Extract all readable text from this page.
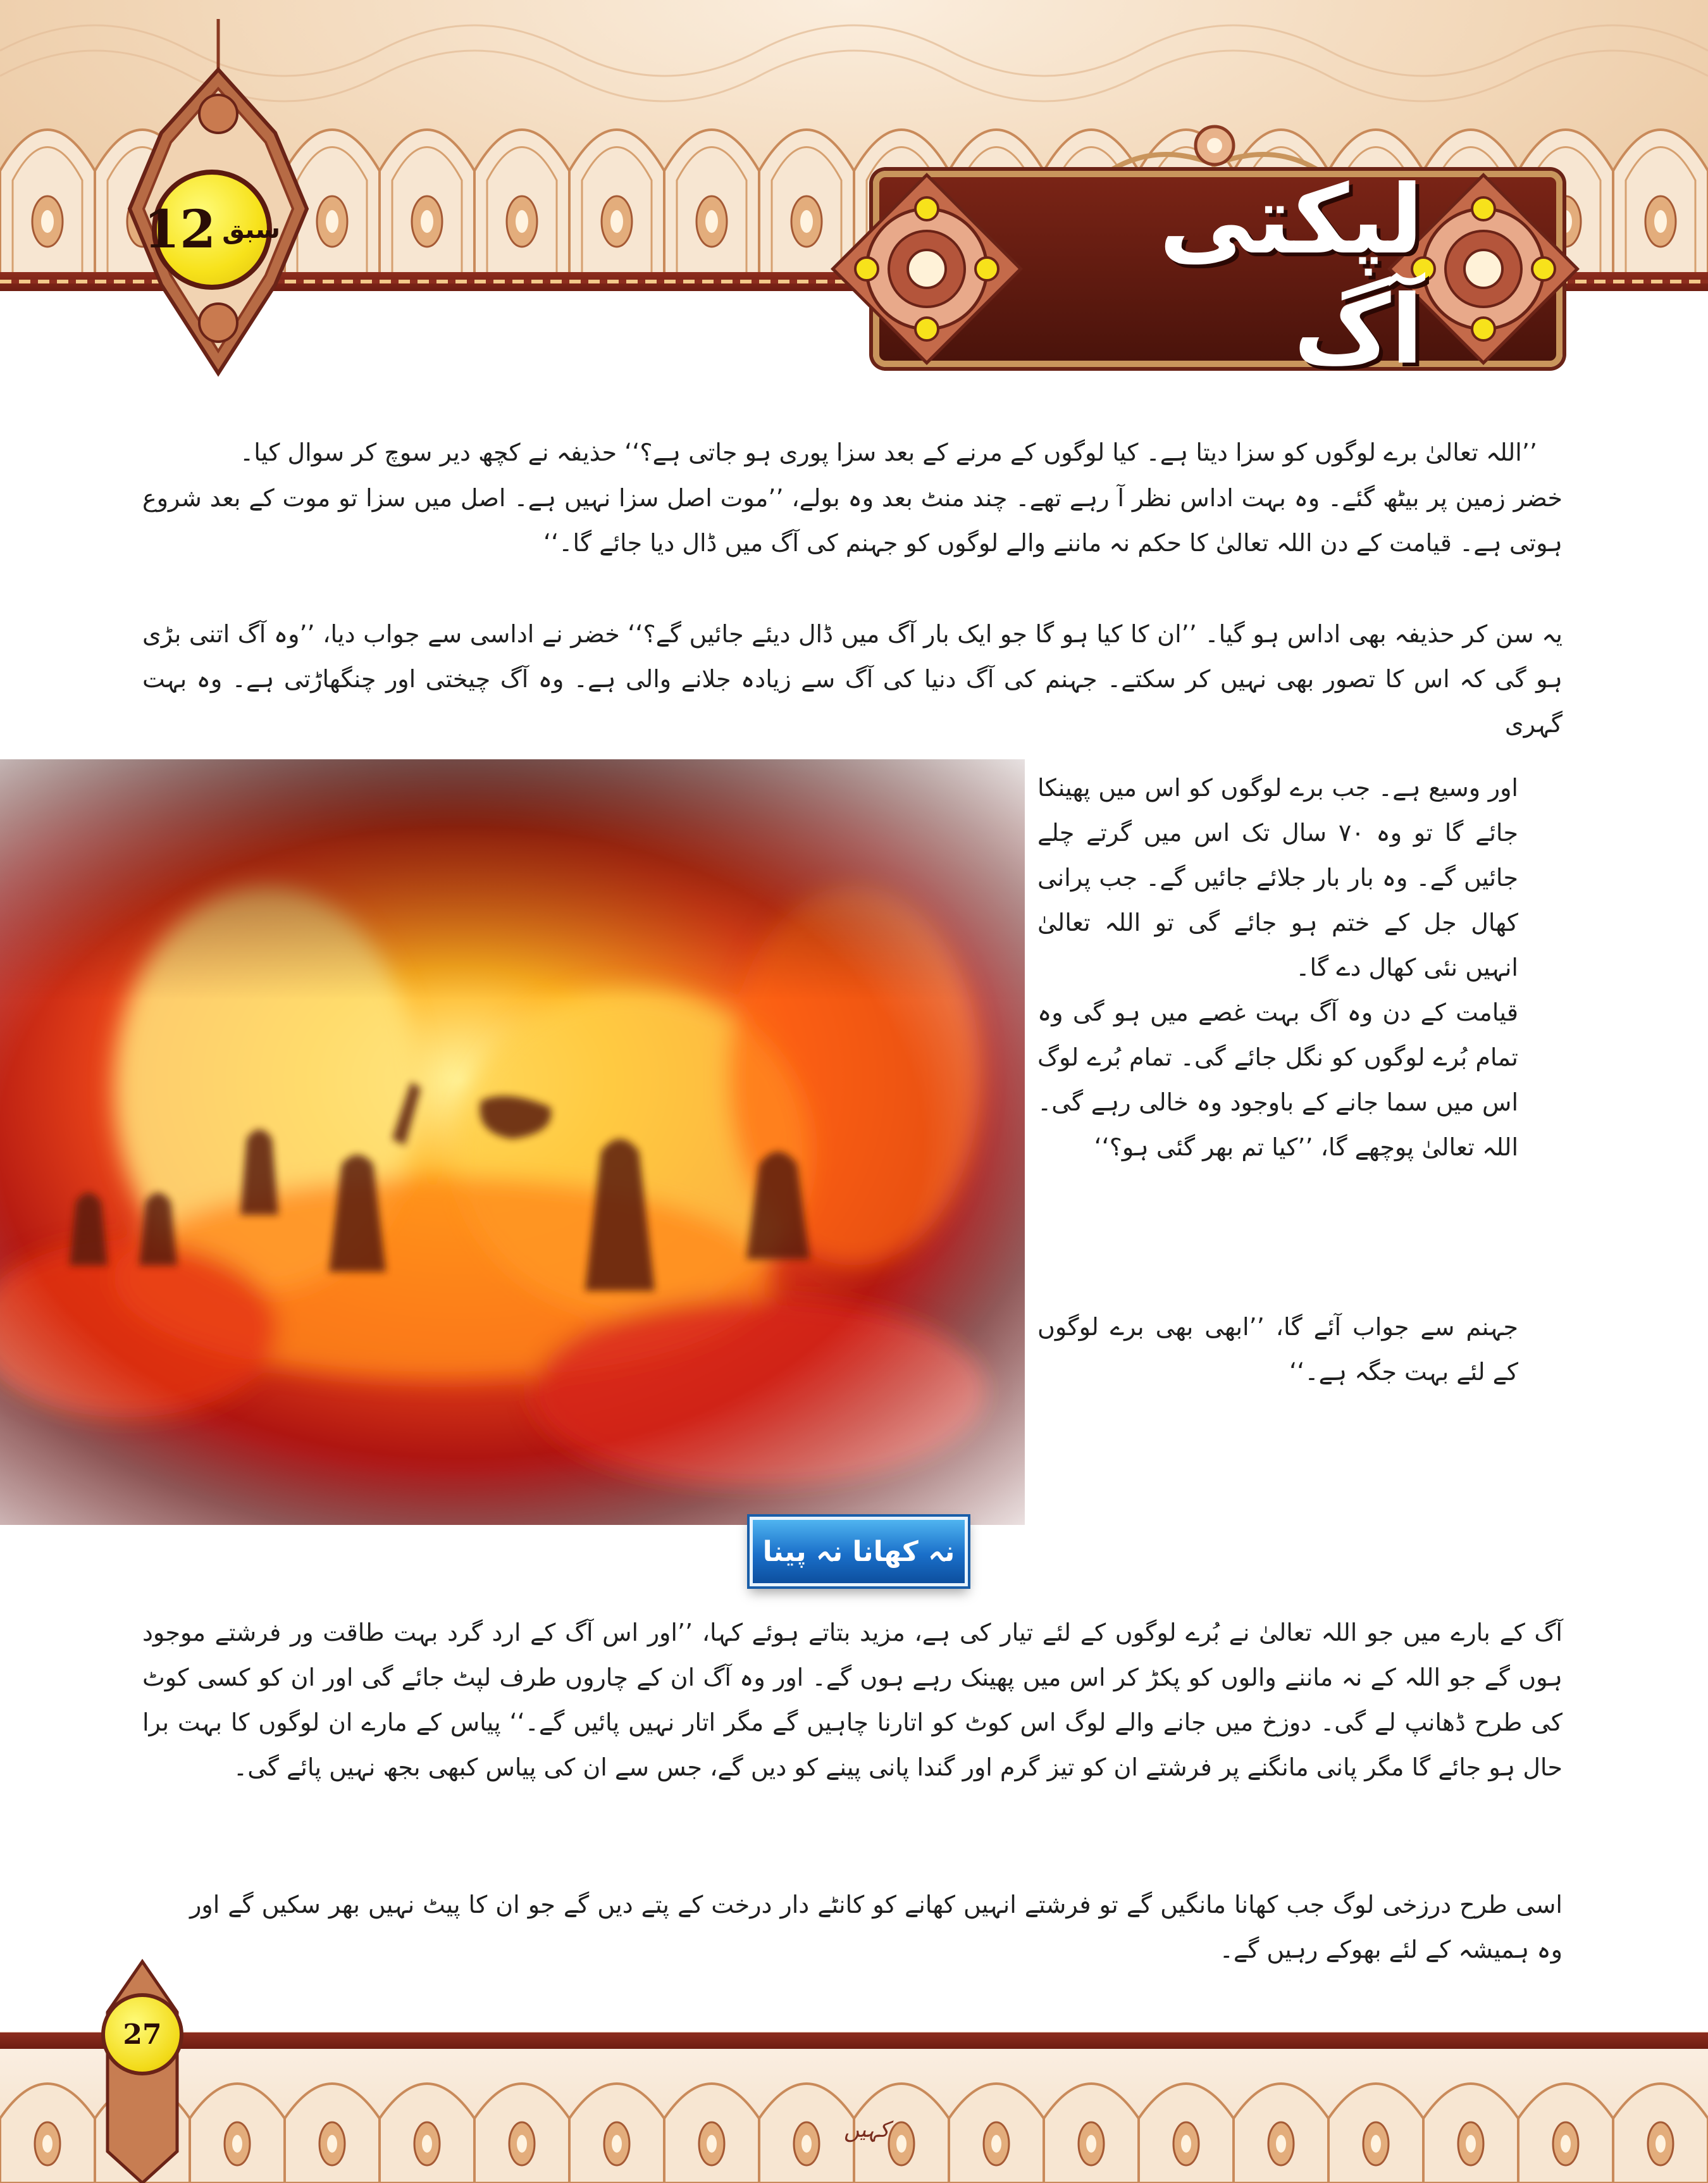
سبق
12	لپکتی آگ

’’اللہ تعالیٰ برے لوگوں کو سزا دیتا ہے۔ کیا لوگوں کے مرنے کے بعد سزا پوری ہو جاتی ہے؟‘‘ حذیفہ نے کچھ دیر سوچ کر سوال کیا۔

خضر زمین پر بیٹھ گئے۔ وہ بہت اداس نظر آ رہے تھے۔ چند منٹ بعد وہ بولے، ’’موت اصل سزا نہیں ہے۔ اصل میں سزا تو موت کے بعد شروع ہوتی ہے۔ قیامت کے دن اللہ تعالیٰ کا حکم نہ ماننے والے لوگوں کو جہنم کی آگ میں ڈال دیا جائے گا۔‘‘

یہ سن کر حذیفہ بھی اداس ہو گیا۔ ’’ان کا کیا ہو گا جو ایک بار آگ میں ڈال دیئے جائیں گے؟‘‘ خضر نے اداسی سے جواب دیا، ’’وہ آگ اتنی بڑی ہو گی کہ اس کا تصور بھی نہیں کر سکتے۔ جہنم کی آگ دنیا کی آگ سے زیادہ جلانے والی ہے۔ وہ آگ چیختی اور چنگھاڑتی ہے۔ وہ بہت گہری

اور وسیع ہے۔ جب برے لوگوں کو اس میں پھینکا جائے گا تو وہ ۷۰ سال تک اس میں گرتے چلے جائیں گے۔ وہ بار بار جلائے جائیں گے۔ جب پرانی کھال جل کے ختم ہو جائے گی تو اللہ تعالیٰ انہیں نئی کھال دے گا۔

قیامت کے دن وہ آگ بہت غصے میں ہو گی وہ تمام بُرے لوگوں کو نگل جائے گی۔ تمام بُرے لوگ اس میں سما جانے کے باوجود وہ خالی رہے گی۔ اللہ تعالیٰ پوچھے گا، ’’کیا تم بھر گئی ہو؟‘‘

جہنم سے جواب آئے گا، ’’ابھی بھی برے لوگوں کے لئے بہت جگہ ہے۔‘‘

نہ کھانا نہ پینا

آگ کے بارے میں جو اللہ تعالیٰ نے بُرے لوگوں کے لئے تیار کی ہے، مزید بتاتے ہوئے کہا، ’’اور اس آگ کے ارد گرد بہت طاقت ور فرشتے موجود ہوں گے جو اللہ کے نہ ماننے والوں کو پکڑ کر اس میں پھینک رہے ہوں گے۔ اور وہ آگ ان کے چاروں طرف لپٹ جائے گی اور ان کو کسی کوٹ کی طرح ڈھانپ لے گی۔ دوزخ میں جانے والے لوگ اس کوٹ کو اتارنا چاہیں گے مگر اتار نہیں پائیں گے۔‘‘ پیاس کے مارے ان لوگوں کا بہت برا حال ہو جائے گا مگر پانی مانگنے پر فرشتے ان کو تیز گرم اور گندا پانی پینے کو دیں گے، جس سے ان کی پیاس کبھی بجھ نہیں پائے گی۔

اسی طرح درزخی لوگ جب کھانا مانگیں گے تو فرشتے انہیں کھانے کو کانٹے دار درخت کے پتے دیں گے جو ان کا پیٹ نہیں بھر سکیں گے اور وہ ہمیشہ کے لئے بھوکے رہیں گے۔

27
کہیں
